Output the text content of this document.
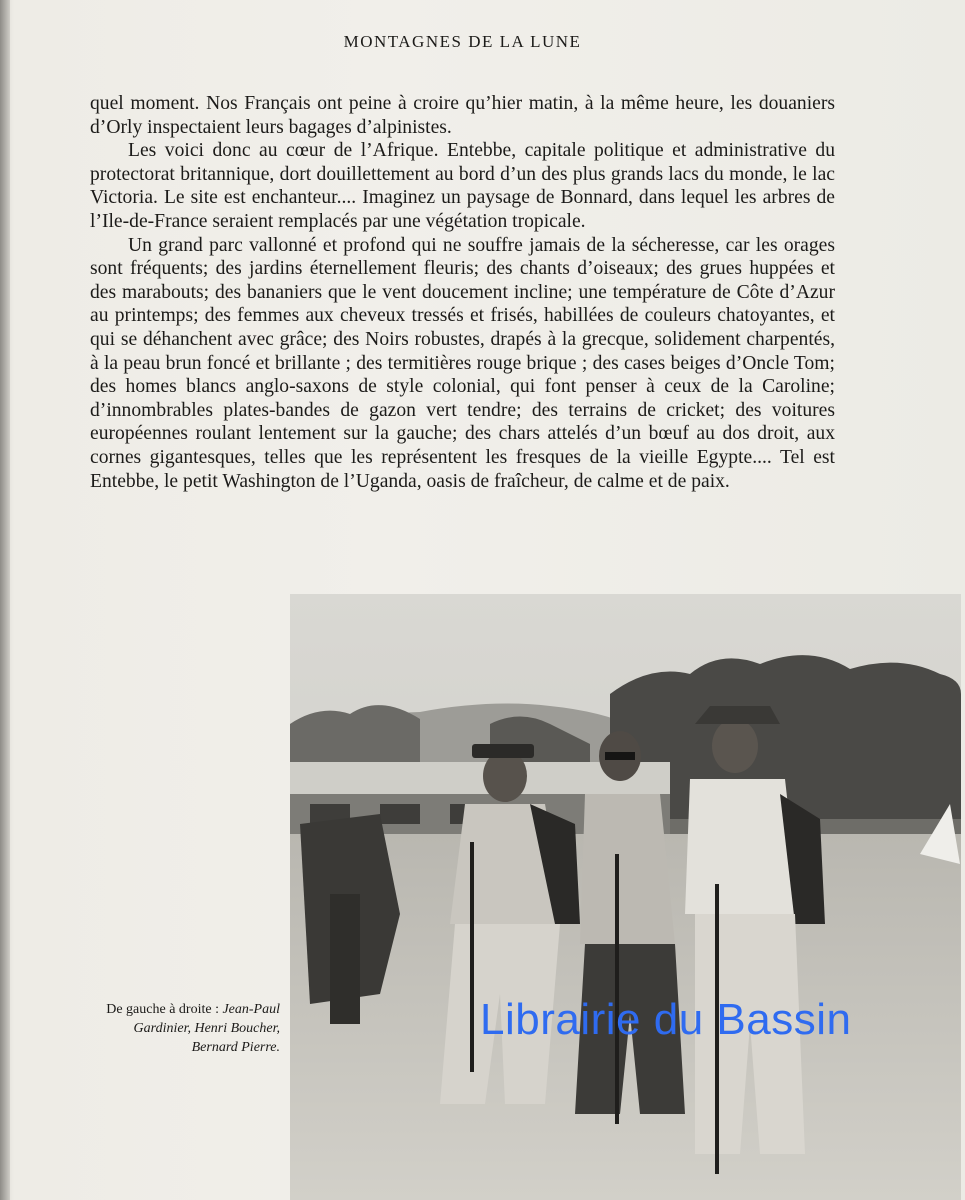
MONTAGNES DE LA LUNE

quel moment. Nos Français ont peine à croire qu’hier matin, à la même heure, les douaniers d’Orly inspectaient leurs bagages d’alpinistes.

Les voici donc au cœur de l’Afrique. Entebbe, capitale politique et administrative du protectorat britannique, dort douillettement au bord d’un des plus grands lacs du monde, le lac Victoria. Le site est enchanteur.... Imaginez un paysage de Bonnard, dans lequel les arbres de l’Ile-de-France seraient remplacés par une végétation tropicale.

Un grand parc vallonné et profond qui ne souffre jamais de la sécheresse, car les orages sont fréquents; des jardins éternellement fleuris; des chants d’oiseaux; des grues huppées et des marabouts; des bananiers que le vent doucement incline; une température de Côte d’Azur au printemps; des femmes aux cheveux tressés et frisés, habillées de couleurs chatoyantes, et qui se déhanchent avec grâce; des Noirs robustes, drapés à la grecque, solidement charpentés, à la peau brun foncé et brillante ; des termitières rouge brique ; des cases beiges d’Oncle Tom; des homes blancs anglo-saxons de style colonial, qui font penser à ceux de la Caroline; d’innombrables plates-bandes de gazon vert tendre; des terrains de cricket; des voitures européennes roulant lentement sur la gauche; des chars attelés d’un bœuf au dos droit, aux cornes gigantesques, telles que les représentent les fresques de la vieille Egypte.... Tel est Entebbe, le petit Washington de l’Uganda, oasis de fraîcheur, de calme et de paix.

De gauche à droite : Jean-Paul Gardinier, Henri Boucher, Bernard Pierre.
Librairie du Bassin
